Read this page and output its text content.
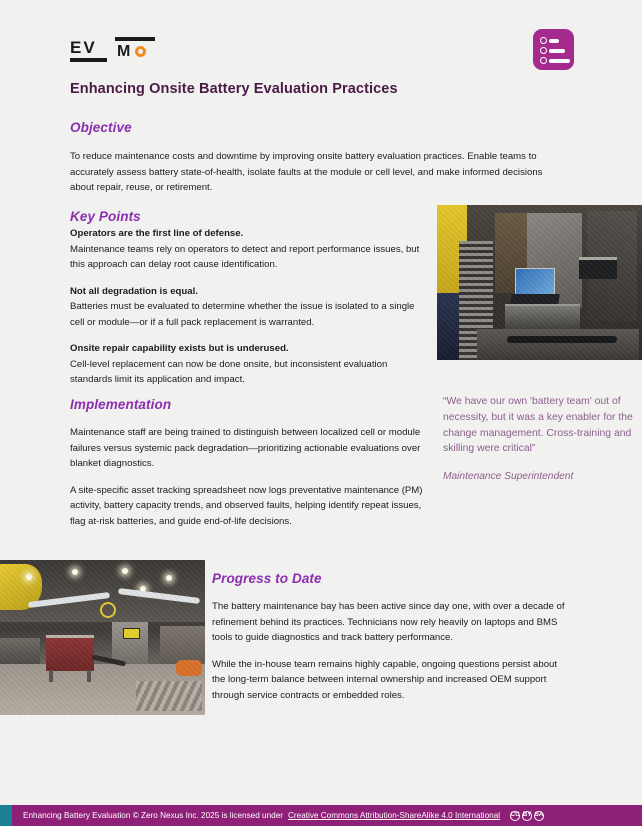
EV M
Enhancing Onsite Battery Evaluation Practices
Objective

To reduce maintenance costs and downtime by improving onsite battery evaluation practices. Enable teams to accurately assess battery state-of-health, isolate faults at the module or cell level, and make informed decisions about repair, reuse, or retirement.

Key Points
Operators are the first line of defense.
Maintenance teams rely on operators to detect and report performance issues, but this approach can delay root cause identification.
Not all degradation is equal.
Batteries must be evaluated to determine whether the issue is isolated to a single cell or module—or if a full pack replacement is warranted.
Onsite repair capability exists but is underused.
Cell-level replacement can now be done onsite, but inconsistent evaluation standards limit its application and impact.
Implementation

Maintenance staff are being trained to distinguish between localized cell or module failures versus systemic pack degradation—prioritizing actionable evaluations over blanket diagnostics.

A site-specific asset tracking spreadsheet now logs preventative maintenance (PM) activity, battery capacity trends, and observed faults, helping identify repeat issues, flag at-risk batteries, and guide end-of-life decisions.

“We have our own 'battery team' out of necessity, but it was a key enabler for the change management. Cross-training and skilling were critical”
Maintenance Superintendent
Progress to Date

The battery maintenance bay has been active since day one, with over a decade of refinement behind its practices. Technicians now rely heavily on laptops and BMS tools to guide diagnostics and track battery performance.

While the in-house team remains highly capable, ongoing questions persist about the long-term balance between internal ownership and increased OEM support through service contracts or embedded roles.

Enhancing Battery Evaluation © Zero Nexus Inc. 2025 is licensed under Creative Commons Attribution-ShareAlike 4.0 International CC BY SA
